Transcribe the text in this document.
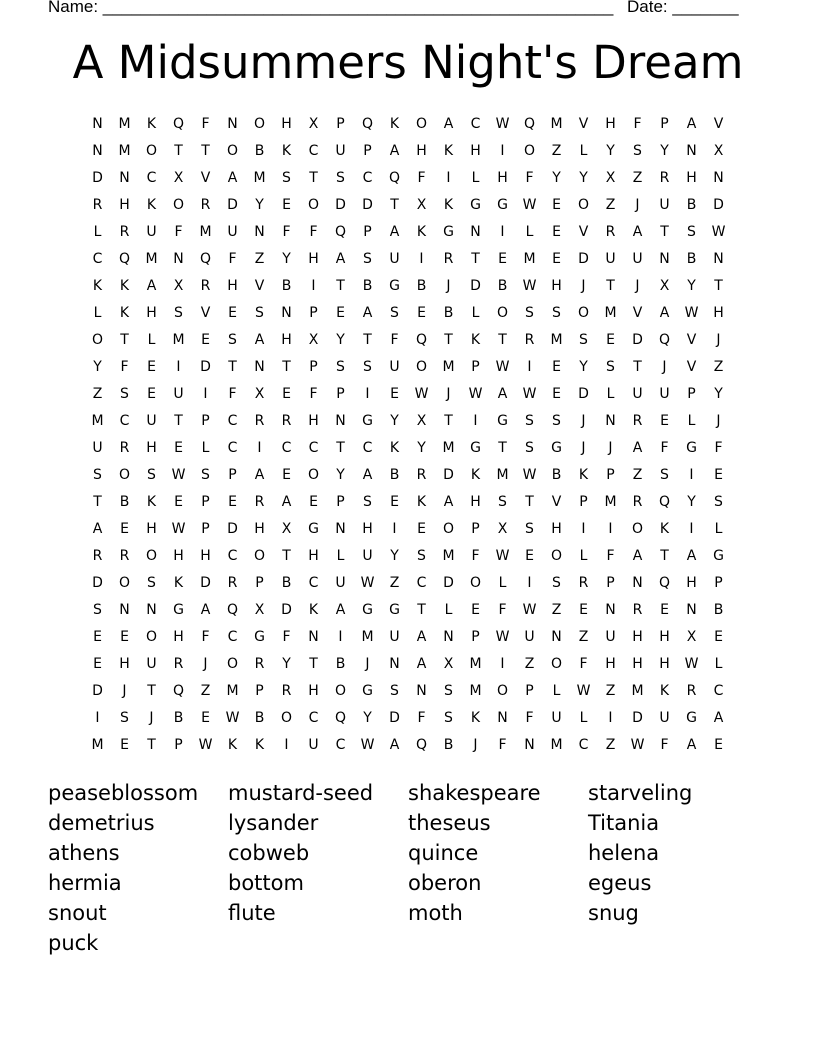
Name: ______________________________________________________ Date: _______
A Midsummers Night's Dream
N	M	K	Q	F	N	O	H	X	P	Q	K	O	A	C	W	Q	M	V	H	F	P	A	V
N	M	O	T	T	O	B	K	C	U	P	A	H	K	H	I	O	Z	L	Y	S	Y	N	X
D	N	C	X	V	A	M	S	T	S	C	Q	F	I	L	H	F	Y	Y	X	Z	R	H	N
R	H	K	O	R	D	Y	E	O	D	D	T	X	K	G	G	W	E	O	Z	J	U	B	D
L	R	U	F	M	U	N	F	F	Q	P	A	K	G	N	I	L	E	V	R	A	T	S	W
C	Q	M	N	Q	F	Z	Y	H	A	S	U	I	R	T	E	M	E	D	U	U	N	B	N
K	K	A	X	R	H	V	B	I	T	B	G	B	J	D	B	W	H	J	T	J	X	Y	T
L	K	H	S	V	E	S	N	P	E	A	S	E	B	L	O	S	S	O	M	V	A	W	H
O	T	L	M	E	S	A	H	X	Y	T	F	Q	T	K	T	R	M	S	E	D	Q	V	J
Y	F	E	I	D	T	N	T	P	S	S	U	O	M	P	W	I	E	Y	S	T	J	V	Z
Z	S	E	U	I	F	X	E	F	P	I	E	W	J	W	A	W	E	D	L	U	U	P	Y
M	C	U	T	P	C	R	R	H	N	G	Y	X	T	I	G	S	S	J	N	R	E	L	J
U	R	H	E	L	C	I	C	C	T	C	K	Y	M	G	T	S	G	J	J	A	F	G	F
S	O	S	W	S	P	A	E	O	Y	A	B	R	D	K	M	W	B	K	P	Z	S	I	E
T	B	K	E	P	E	R	A	E	P	S	E	K	A	H	S	T	V	P	M	R	Q	Y	S
A	E	H	W	P	D	H	X	G	N	H	I	E	O	P	X	S	H	I	I	O	K	I	L
R	R	O	H	H	C	O	T	H	L	U	Y	S	M	F	W	E	O	L	F	A	T	A	G
D	O	S	K	D	R	P	B	C	U	W	Z	C	D	O	L	I	S	R	P	N	Q	H	P
S	N	N	G	A	Q	X	D	K	A	G	G	T	L	E	F	W	Z	E	N	R	E	N	B
E	E	O	H	F	C	G	F	N	I	M	U	A	N	P	W	U	N	Z	U	H	H	X	E
E	H	U	R	J	O	R	Y	T	B	J	N	A	X	M	I	Z	O	F	H	H	H	W	L
D	J	T	Q	Z	M	P	R	H	O	G	S	N	S	M	O	P	L	W	Z	M	K	R	C
I	S	J	B	E	W	B	O	C	Q	Y	D	F	S	K	N	F	U	L	I	D	U	G	A
M	E	T	P	W	K	K	I	U	C	W	A	Q	B	J	F	N	M	C	Z	W	F	A	E
peaseblossom	mustard-seed	shakespeare	starveling
demetrius	lysander	theseus	Titania
athens	cobweb	quince	helena
hermia	bottom	oberon	egeus
snout	flute	moth	snug
puck
